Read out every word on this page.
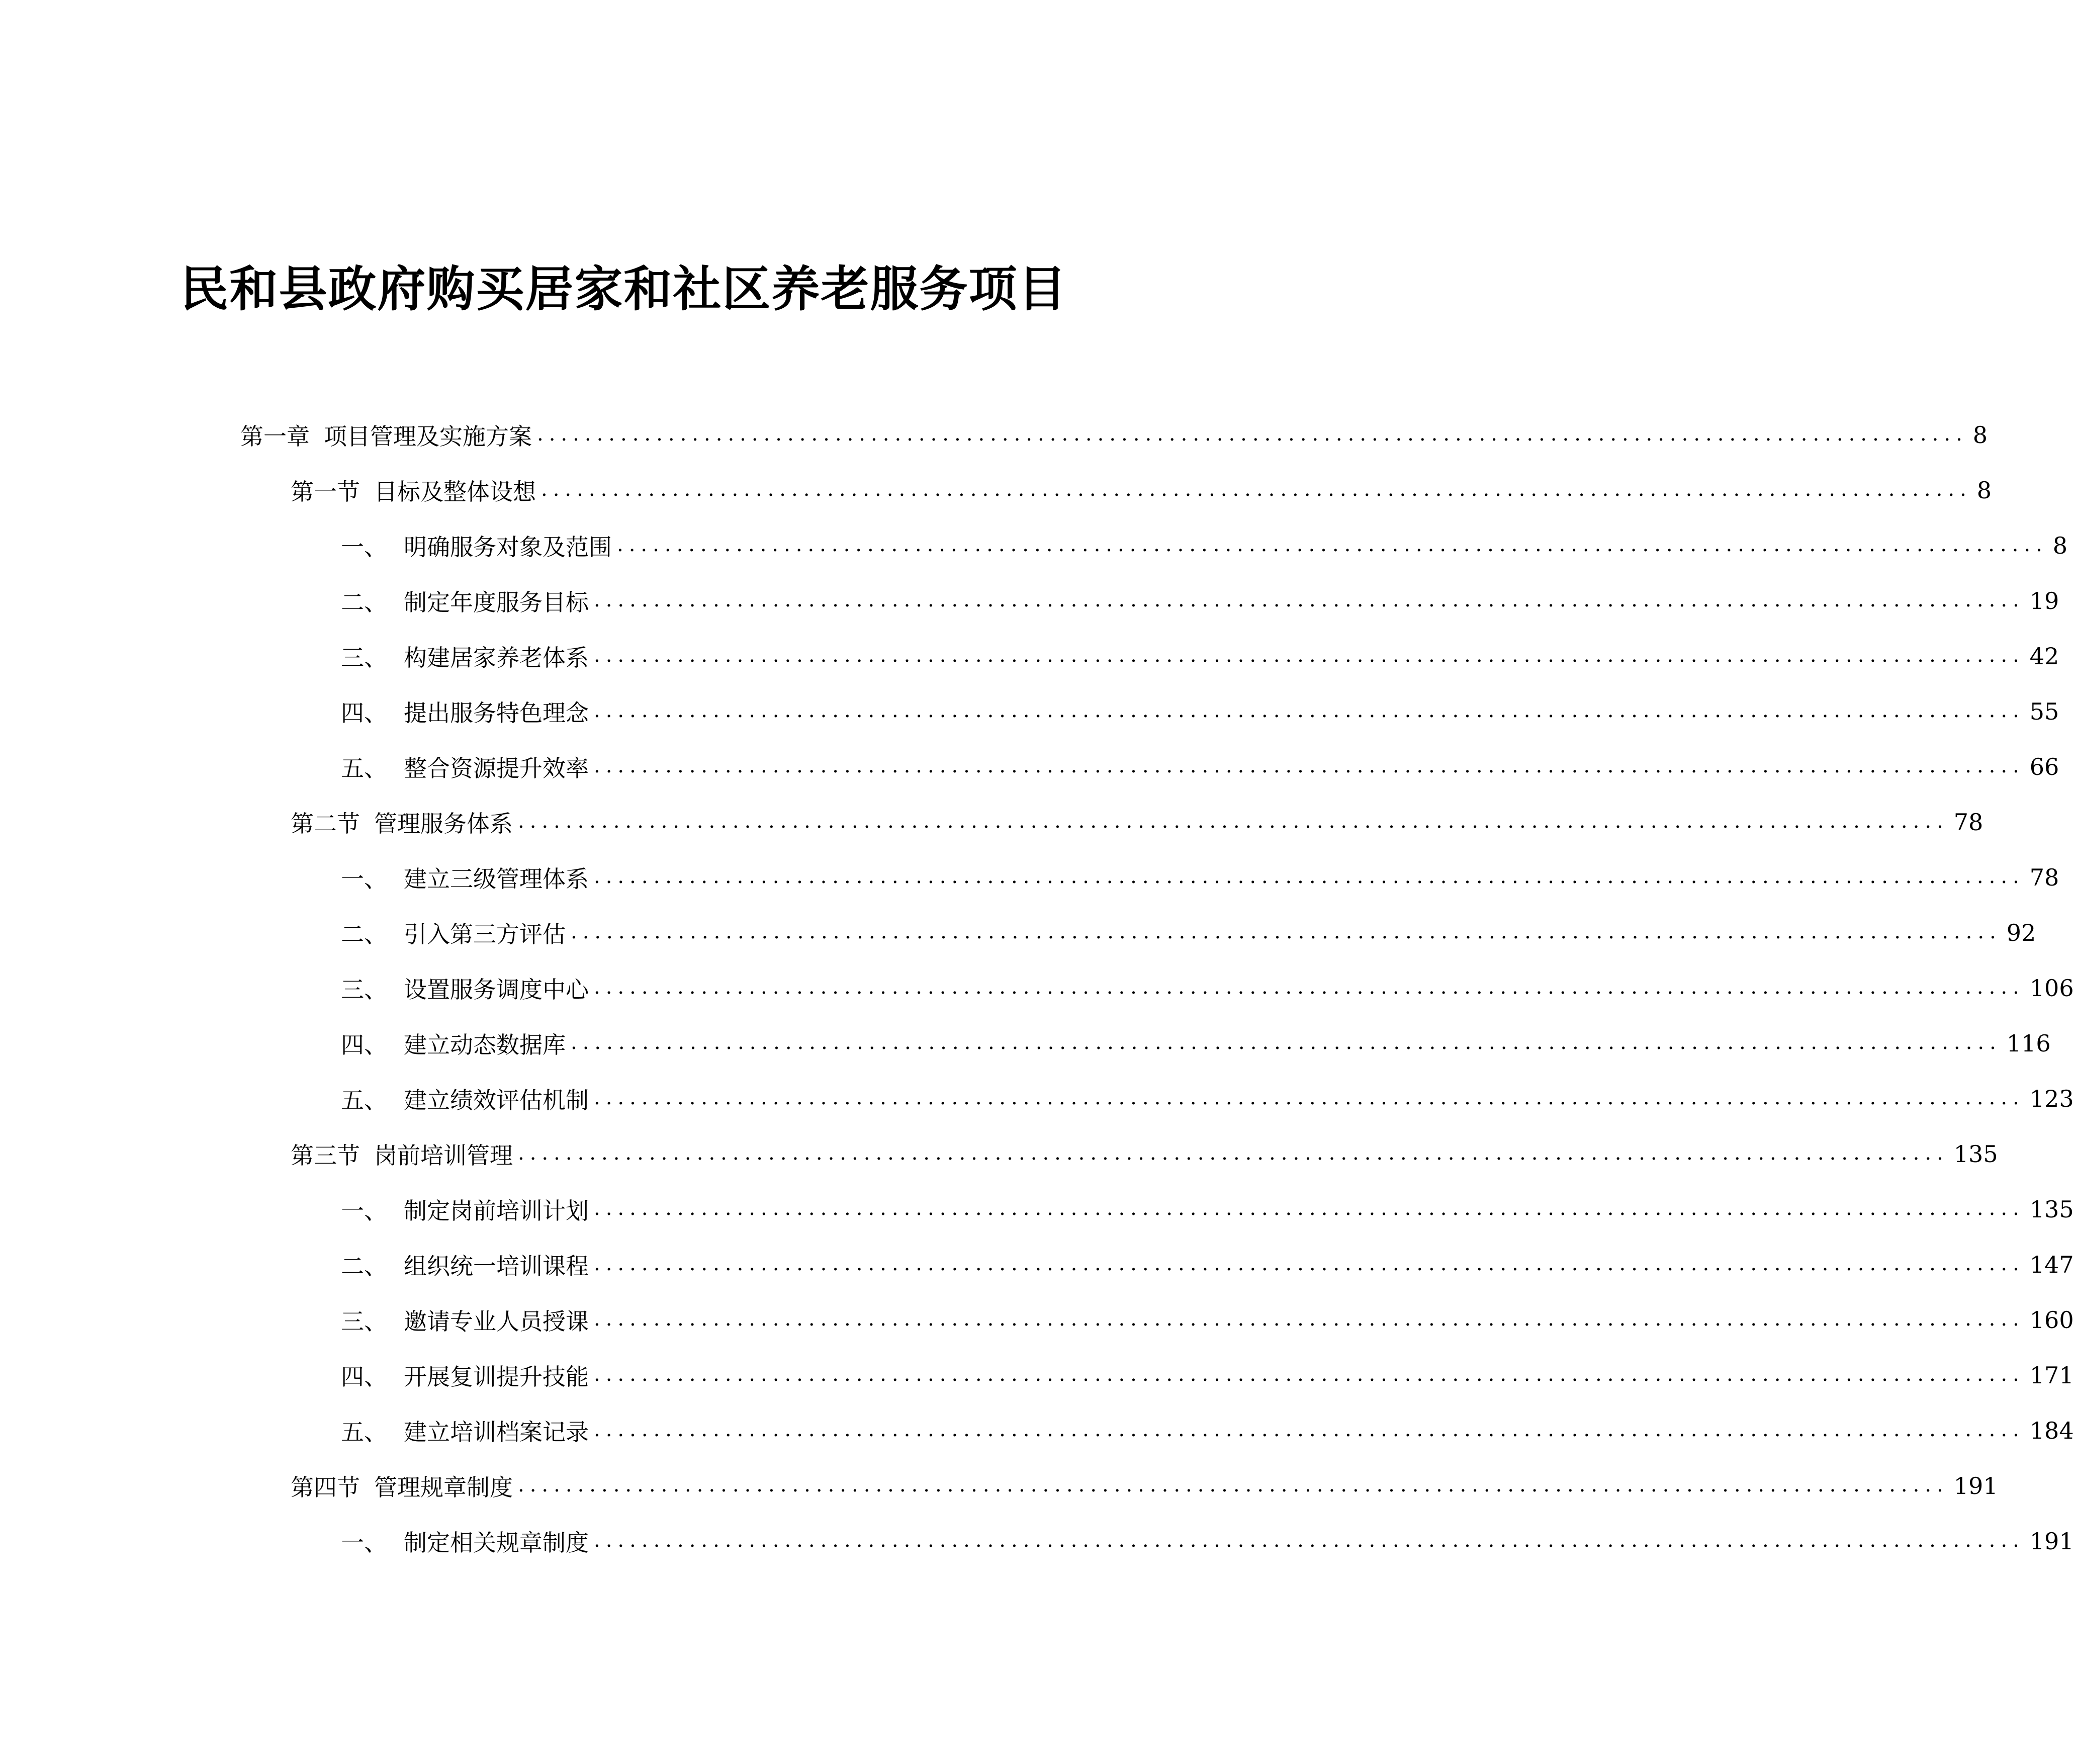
民和县政府购买居家和社区养老服务项目
第一章 项目管理及实施方案 ........................................................................................................................ 8
第一节 目标及整体设想 ........................................................................................................................ 8
一、 明确服务对象及范围 ........................................................................................................................ 8
二、 制定年度服务目标 ........................................................................................................................ 19
三、 构建居家养老体系 ........................................................................................................................ 42
四、 提出服务特色理念 ........................................................................................................................ 55
五、 整合资源提升效率 ........................................................................................................................ 66
第二节 管理服务体系 ........................................................................................................................ 78
一、 建立三级管理体系 ........................................................................................................................ 78
二、 引入第三方评估 ........................................................................................................................ 92
三、 设置服务调度中心 ........................................................................................................................ 106
四、 建立动态数据库 ........................................................................................................................ 116
五、 建立绩效评估机制 ........................................................................................................................ 123
第三节 岗前培训管理 ........................................................................................................................ 135
一、 制定岗前培训计划 ........................................................................................................................ 135
二、 组织统一培训课程 ........................................................................................................................ 147
三、 邀请专业人员授课 ........................................................................................................................ 160
四、 开展复训提升技能 ........................................................................................................................ 171
五、 建立培训档案记录 ........................................................................................................................ 184
第四节 管理规章制度 ........................................................................................................................ 191
一、 制定相关规章制度 ........................................................................................................................ 191
